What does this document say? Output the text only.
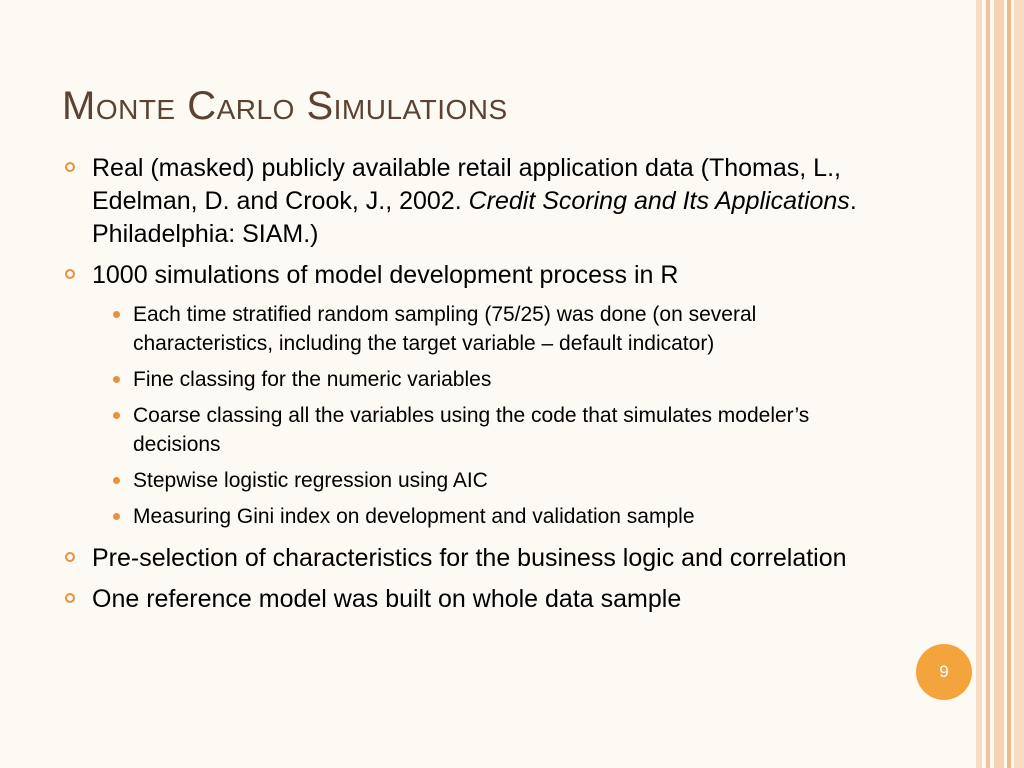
Monte Carlo Simulations
Real (masked) publicly available retail application data (Thomas, L., Edelman, D. and Crook, J., 2002. Credit Scoring and Its Applications. Philadelphia: SIAM.)
1000 simulations of model development process in R
Each time stratified random sampling (75/25) was done (on several characteristics, including the target variable – default indicator)
Fine classing for the numeric variables
Coarse classing all the variables using the code that simulates modeler’s decisions
Stepwise logistic regression using AIC
Measuring Gini index on development and validation sample
Pre-selection of characteristics for the business logic and correlation
One reference model was built on whole data sample
9
